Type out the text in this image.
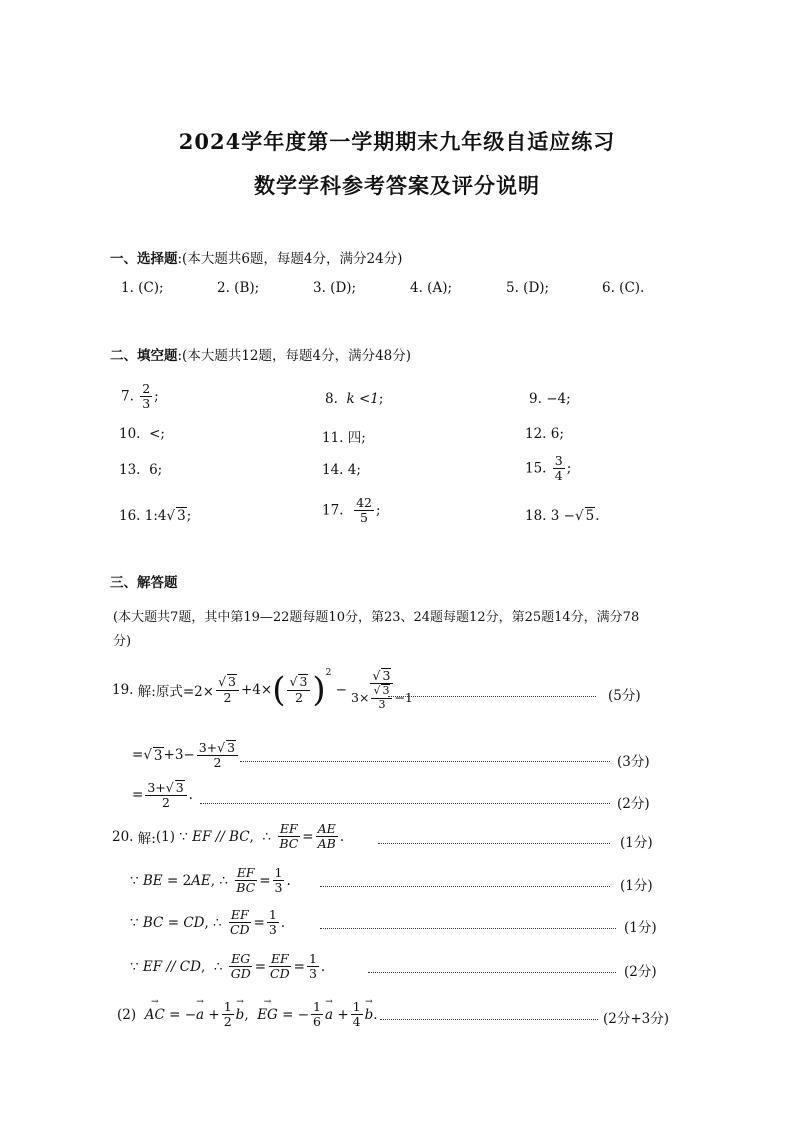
2024学年度第一学期期末九年级自适应练习
数学学科参考答案及评分说明
一、选择题:(本大题共6题，每题4分，满分24分)
1. (C);	2. (B);	3. (D);	4. (A);	5. (D);	6. (C).
二、填空题:(本大题共12题，每题4分，满分48分)
7. $\frac{2}{3}$ ;	8. k <1;	9. −4;
10. <;	11. 四;	12. 6;
13. 6;	14. 4;	15. $\frac{3}{4}$ ;
16. 1:4√ 3;	17. $\frac{42}{5}$ ;	18. 3 −√ 5.
三、解答题
(本大题共7题，其中第19—22题每题10分，第23、24题每题12分，第25题14分，满分78
分)
19.
解: 原式=2×
√ $\frac{3}{2} +4\times$ (
√ $\frac{3}{2} )^2$
−
√ 3
3×
√ $\frac{3}{3} -1$	(5分)
=
√ $3 +3- \frac{3+√ 3}{2}$	(3分)
= $\frac{3+√ 3}{2}$ .
(2分)
20.
解: (1) ∵ EF // BC ,  ∴ $\frac{EF}{BC} = \frac{AE}{AB}$ .	(1分)
∵ BE = 2 AE , ∴ $\frac{EF}{BC} = \frac{1}{3}$ .	(1分)
∵ BC = CD , ∴ $\frac{EF}{CD} = \frac{1}{3}$ .	(1分)
∵ EF // CD ,  ∴ $\frac{EG}{GD} = \frac{EF}{CD} = \frac{1}{3}$ .	(2分)
(2)
AC → = − a → + $\frac{1}{2}$ b → , EG → = − $\frac{1}{6}$ a → + $\frac{1}{4}$ b → .	(2分+3分)
